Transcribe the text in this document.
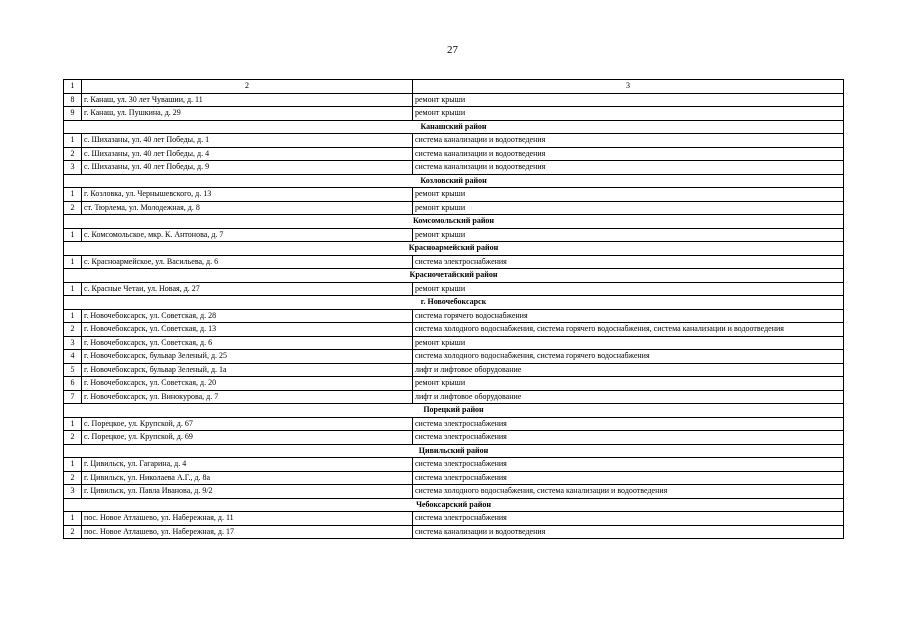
27
1	2	3
8	г. Канаш, ул. 30 лет Чувашии, д. 11	ремонт крыши
9	г. Канаш, ул. Пушкина, д. 29	ремонт крыши
Канашский район		
1	с. Шихазаны, ул. 40 лет Победы, д. 1	система канализации и водоотведения
2	с. Шихазаны, ул. 40 лет Победы, д. 4	система канализации и водоотведения
3	с. Шихазаны, ул. 40 лет Победы, д. 9	система канализации и водоотведения
Козловский район		
1	г. Козловка, ул. Чернышевского, д. 13	ремонт крыши
2	ст. Тюрлема, ул. Молодежная, д. 8	ремонт крыши
Комсомольский район		
1	с. Комсомольское, мкр. К. Антонова, д. 7	ремонт крыши
Красноармейский район		
1	с. Красноармейское, ул. Васильева, д. 6	система электроснабжения
Красночетайский район		
1	с. Красные Четаи, ул. Новая, д. 27	ремонт крыши
г. Новочебоксарск		
1	г. Новочебоксарск, ул. Советская, д. 28	система горячего водоснабжения
2	г. Новочебоксарск, ул. Советская, д. 13	система холодного водоснабжения, система горячего водоснабжения, система канализации и водоотведения
3	г. Новочебоксарск, ул. Советская, д. 6	ремонт крыши
4	г. Новочебоксарск, бульвар Зеленый, д. 25	система холодного водоснабжения, система горячего водоснабжения
5	г. Новочебоксарск, бульвар Зеленый, д. 1а	лифт и лифтовое оборудование
6	г. Новочебоксарск, ул. Советская, д. 20	ремонт крыши
7	г. Новочебоксарск, ул. Винокурова, д. 7	лифт и лифтовое оборудование
Порецкий район		
1	с. Порецкое, ул. Крупской, д. 67	система электроснабжения
2	с. Порецкое, ул. Крупской, д. 69	система электроснабжения
Цивильский район		
1	г. Цивильск, ул. Гагарина, д. 4	система электроснабжения
2	г. Цивильск, ул. Николаева А.Г., д. 8а	система электроснабжения
3	г. Цивильск, ул. Павла Иванова, д. 9/2	система холодного водоснабжения, система канализации и водоотведения
Чебоксарский район		
1	пос. Новое Атлашево, ул. Набережная, д. 11	система электроснабжения
2	пос. Новое Атлашево, ул. Набережная, д. 17	система канализации и водоотведения
